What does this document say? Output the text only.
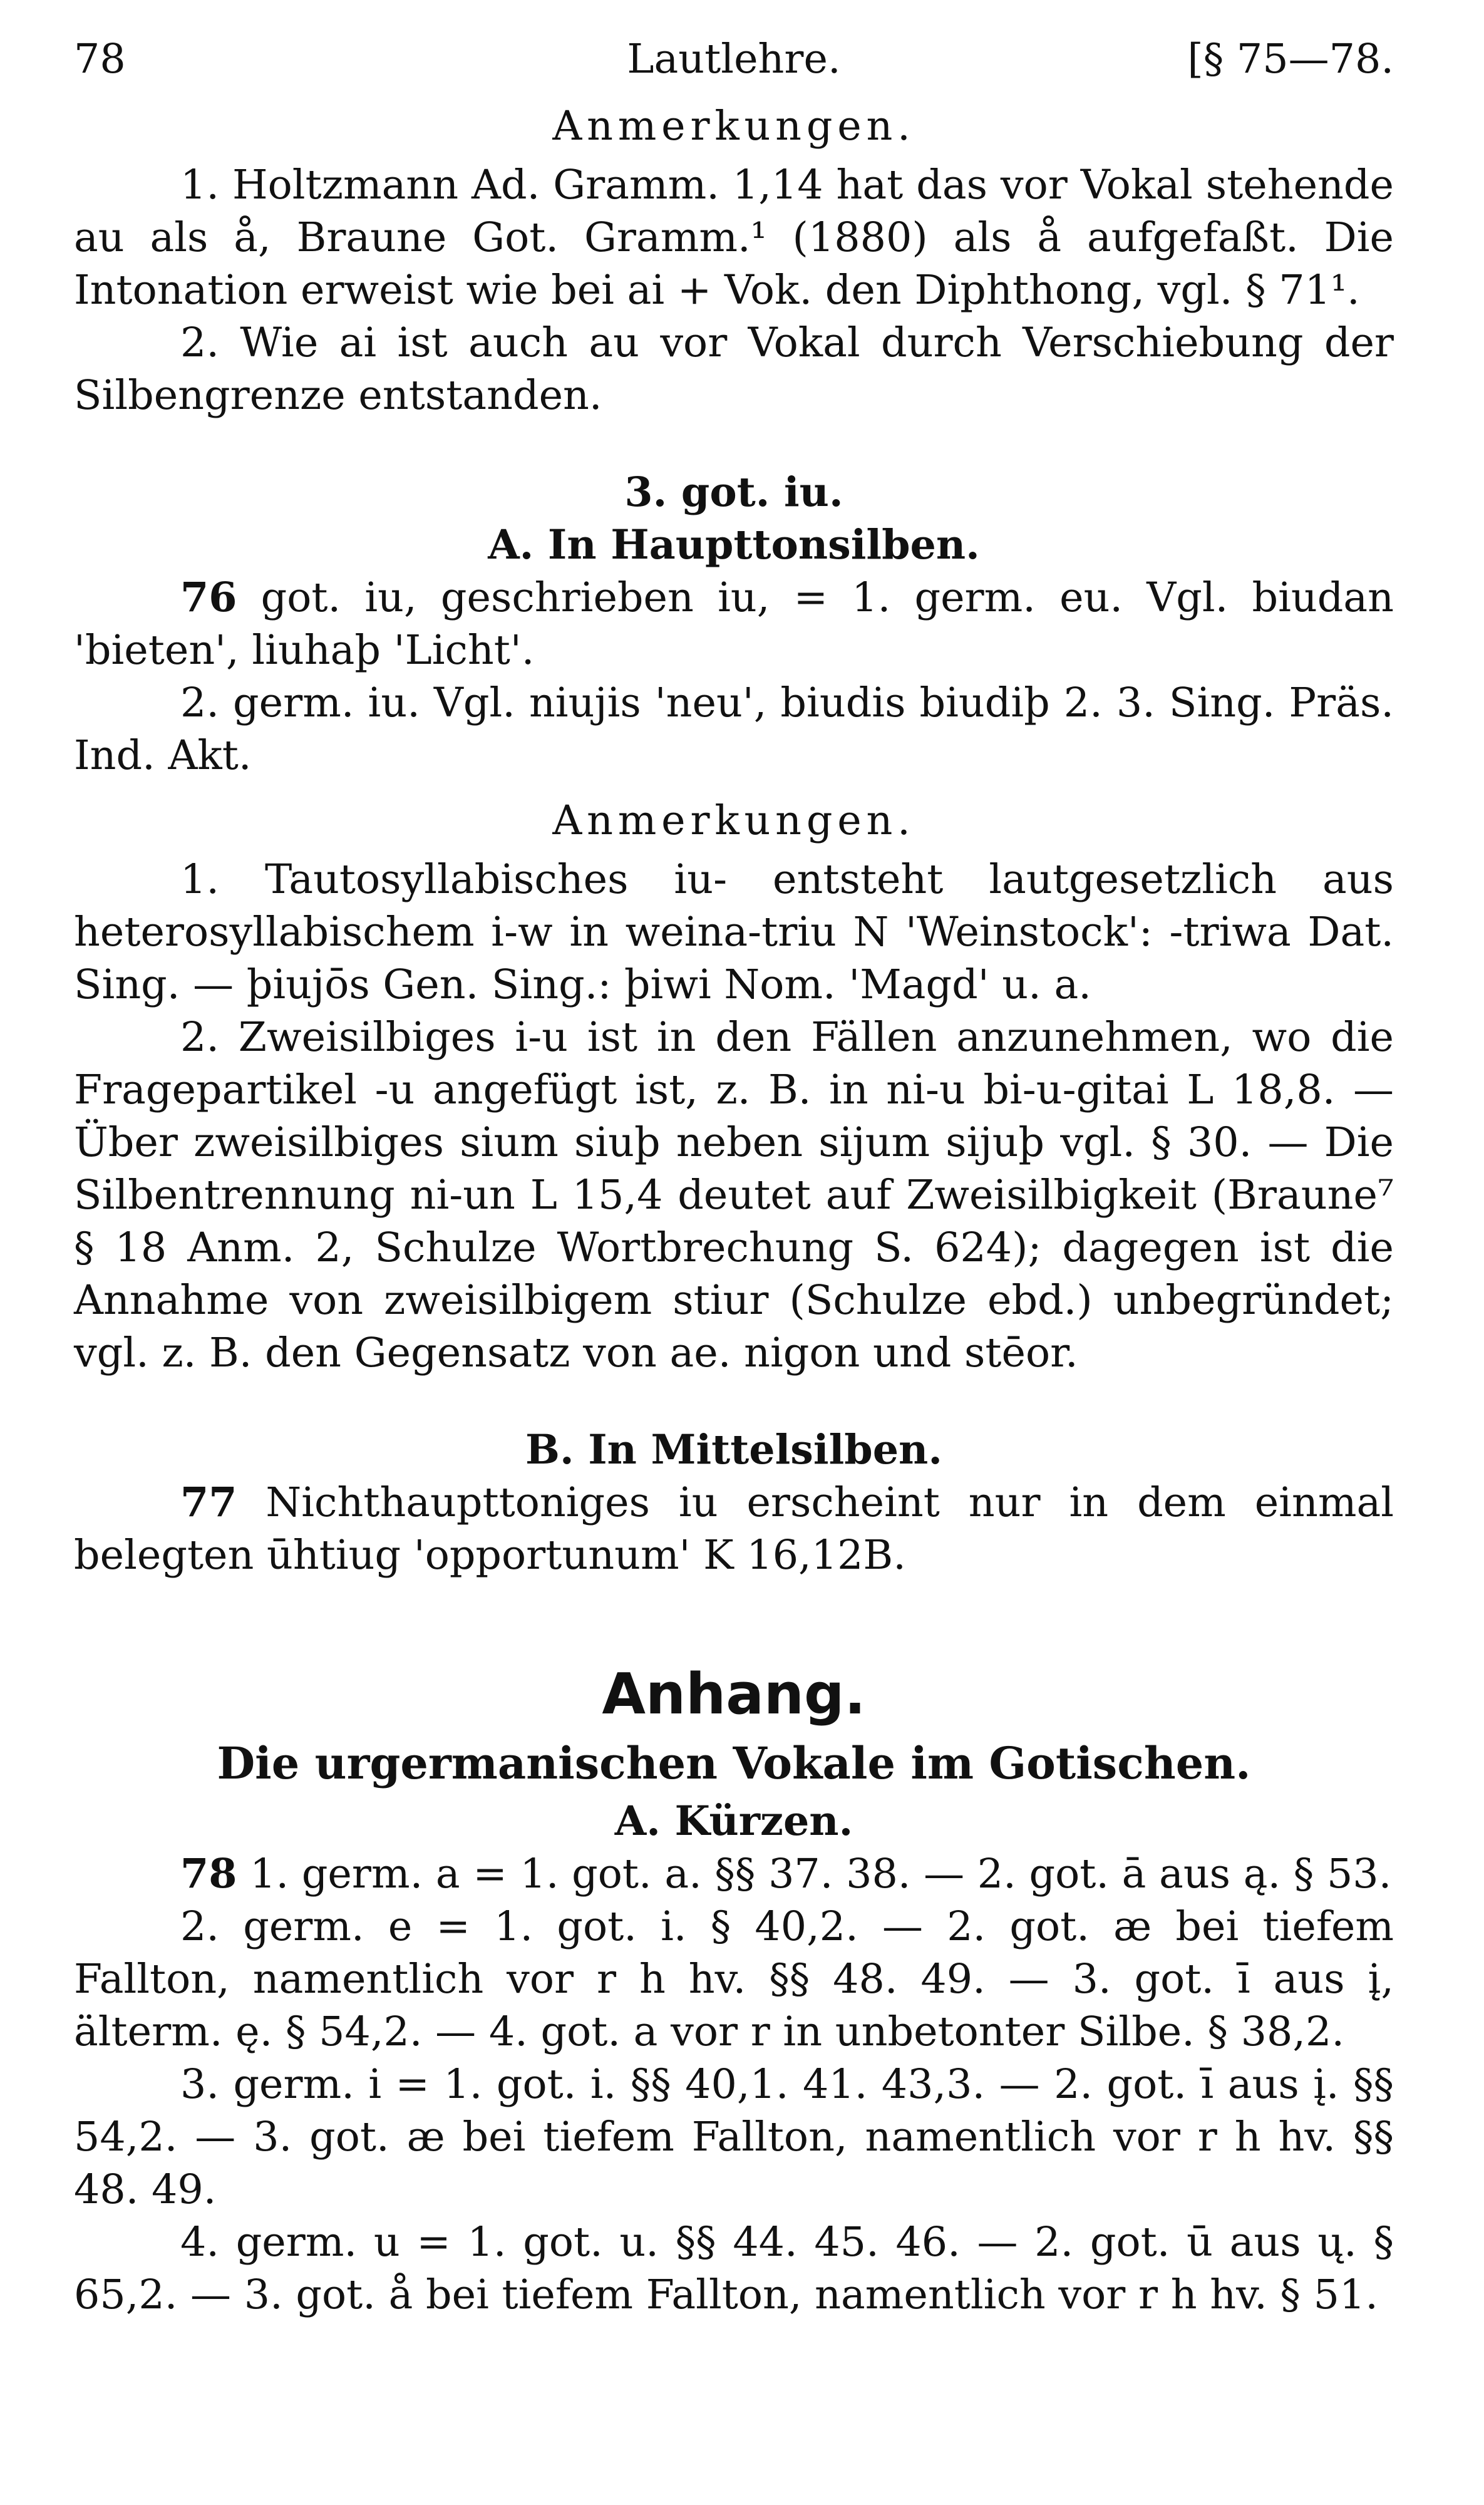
78	Lautlehre.	[§ 75—78.
Anmerkungen.

1. Holtzmann Ad. Gramm. 1,14 hat das vor Vokal stehende au als å, Braune Got. Gramm.¹ (1880) als å aufgefaßt. Die Intonation erweist wie bei ai + Vok. den Diphthong, vgl. § 71¹.

2. Wie ai ist auch au vor Vokal durch Verschiebung der Silbengrenze entstanden.

3. got. iu.
A. In Haupttonsilben.

76 got. iu, geschrieben iu, = 1. germ. eu. Vgl. biudan 'bieten', liuhaþ 'Licht'.

2. germ. iu. Vgl. niujis 'neu', biudis biudiþ 2. 3. Sing. Präs. Ind. Akt.

Anmerkungen.

1. Tautosyllabisches iu- entsteht lautgesetzlich aus heterosyllabischem i-w in weina-triu N 'Weinstock': -triwa Dat. Sing. — þiujōs Gen. Sing.: þiwi Nom. 'Magd' u. a.

2. Zweisilbiges i-u ist in den Fällen anzunehmen, wo die Fragepartikel -u angefügt ist, z. B. in ni-u bi-u-gitai L 18,8. — Über zweisilbiges sium siuþ neben sijum sijuþ vgl. § 30. — Die Silbentrennung ni-un L 15,4 deutet auf Zweisilbigkeit (Braune⁷ § 18 Anm. 2, Schulze Wortbrechung S. 624); dagegen ist die Annahme von zweisilbigem stiur (Schulze ebd.) unbegründet; vgl. z. B. den Gegensatz von ae. nigon und stēor.

B. In Mittelsilben.

77 Nichthaupttoniges iu erscheint nur in dem einmal belegten ūhtiug 'opportunum' K 16,12B.

Anhang.
Die urgermanischen Vokale im Gotischen.
A. Kürzen.

78 1. germ. a = 1. got. a. §§ 37. 38. — 2. got. ā aus ą. § 53.

2. germ. e = 1. got. i. § 40,2. — 2. got. æ bei tiefem Fallton, namentlich vor r h hv. §§ 48. 49. — 3. got. ī aus į, älterm. ę. § 54,2. — 4. got. a vor r in unbetonter Silbe. § 38,2.

3. germ. i = 1. got. i. §§ 40,1. 41. 43,3. — 2. got. ī aus į. §§ 54,2. — 3. got. æ bei tiefem Fallton, namentlich vor r h hv. §§ 48. 49.

4. germ. u = 1. got. u. §§ 44. 45. 46. — 2. got. ū aus ų. § 65,2. — 3. got. å bei tiefem Fallton, namentlich vor r h hv. § 51.
